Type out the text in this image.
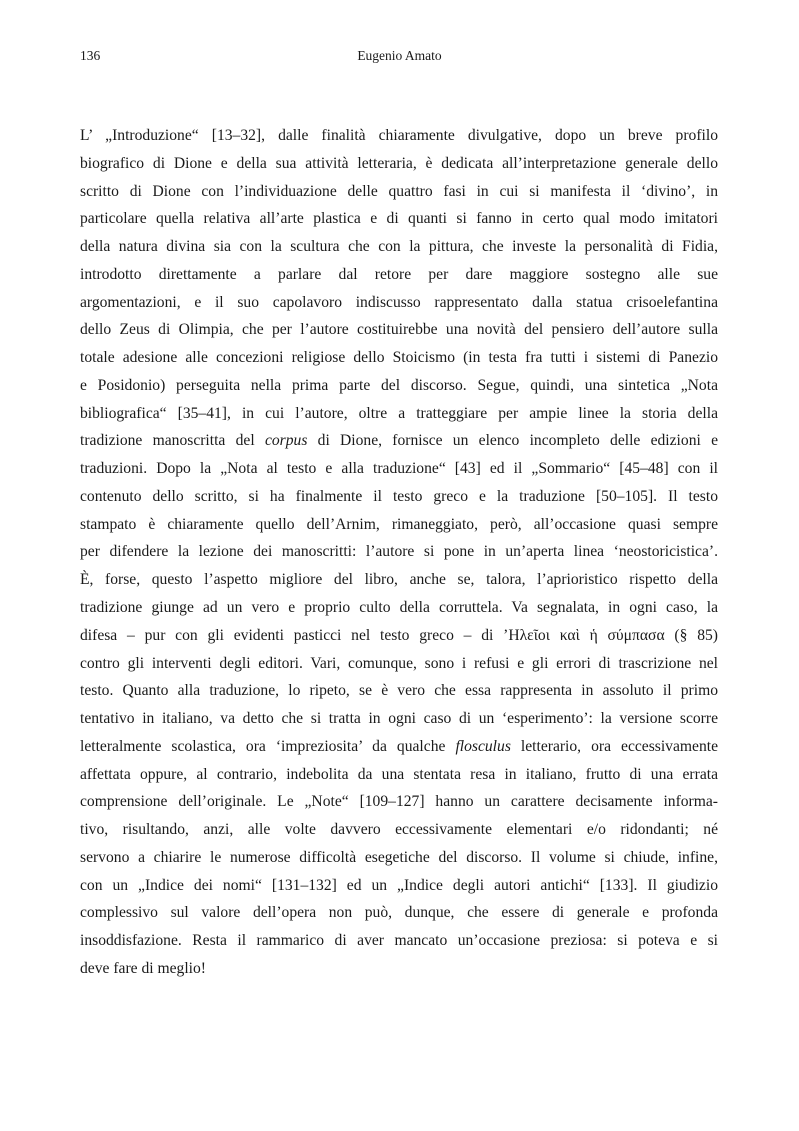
136	Eugenio Amato
L’ „Introduzione“ [13–32], dalle finalità chiaramente divulgative, dopo un breve profilo
biografico di Dione e della sua attività letteraria, è dedicata all’interpretazione generale dello
scritto di Dione con l’individuazione delle quattro fasi in cui si manifesta il ‘divino’, in
particolare quella relativa all’arte plastica e di quanti si fanno in certo qual modo imitatori
della natura divina sia con la scultura che con la pittura, che investe la personalità di Fidia,
introdotto direttamente a parlare dal retore per dare maggiore sostegno alle sue
argomentazioni, e il suo capolavoro indiscusso rappresentato dalla statua crisoelefantina
dello Zeus di Olimpia, che per l’autore costituirebbe una novità del pensiero dell’autore sulla
totale adesione alle concezioni religiose dello Stoicismo (in testa fra tutti i sistemi di Panezio
e Posidonio) perseguita nella prima parte del discorso. Segue, quindi, una sintetica „Nota
bibliografica“ [35–41], in cui l’autore, oltre a tratteggiare per ampie linee la storia della
tradizione manoscritta del corpus di Dione, fornisce un elenco incompleto delle edizioni e
traduzioni. Dopo la „Nota al testo e alla traduzione“ [43] ed il „Sommario“ [45–48] con il
contenuto dello scritto, si ha finalmente il testo greco e la traduzione [50–105]. Il testo
stampato è chiaramente quello dell’Arnim, rimaneggiato, però, all’occasione quasi sempre
per difendere la lezione dei manoscritti: l’autore si pone in un’aperta linea ‘neostoricistica’.
È, forse, questo l’aspetto migliore del libro, anche se, talora, l’aprioristico rispetto della
tradizione giunge ad un vero e proprio culto della corruttela. Va segnalata, in ogni caso, la
difesa – pur con gli evidenti pasticci nel testo greco – di ’Ηλεῖοι καὶ ἡ σύμπασα (§ 85)
contro gli interventi degli editori. Vari, comunque, sono i refusi e gli errori di trascrizione nel
testo. Quanto alla traduzione, lo ripeto, se è vero che essa rappresenta in assoluto il primo
tentativo in italiano, va detto che si tratta in ogni caso di un ‘esperimento’: la versione scorre
letteralmente scolastica, ora ‘impreziosita’ da qualche flosculus letterario, ora eccessivamente
affettata oppure, al contrario, indebolita da una stentata resa in italiano, frutto di una errata
comprensione dell’originale. Le „Note“ [109–127] hanno un carattere decisamente informa-
tivo, risultando, anzi, alle volte davvero eccessivamente elementari e/o ridondanti; né
servono a chiarire le numerose difficoltà esegetiche del discorso. Il volume si chiude, infine,
con un „Indice dei nomi“ [131–132] ed un „Indice degli autori antichi“ [133]. Il giudizio
complessivo sul valore dell’opera non può, dunque, che essere di generale e profonda
insoddisfazione. Resta il rammarico di aver mancato un’occasione preziosa: si poteva e si
deve fare di meglio!
